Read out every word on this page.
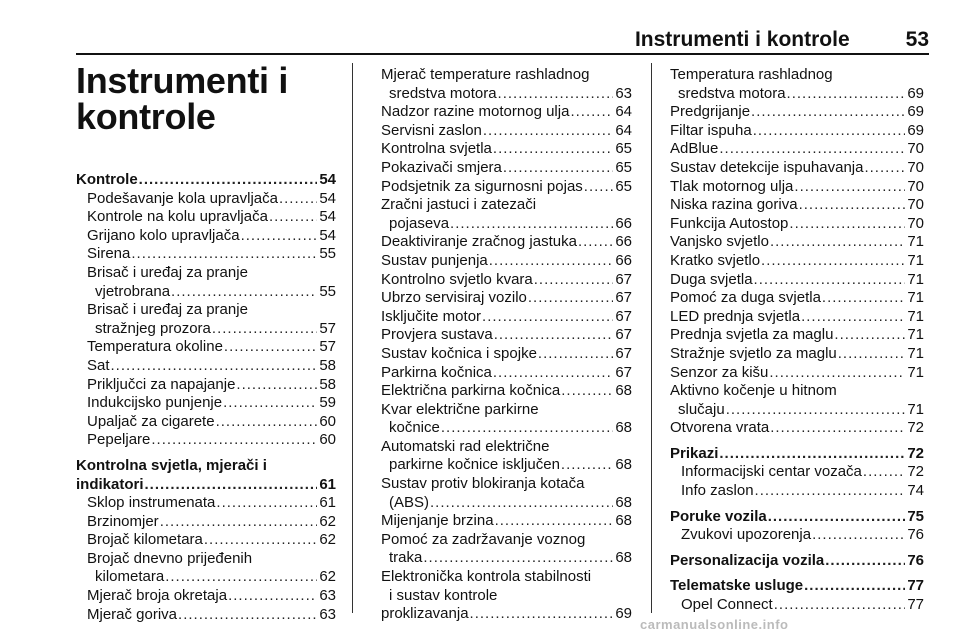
Instrumenti i kontrole	53
Instrumenti i
kontrole
Kontrole .....	54
Podešavanje kola upravljača .....	54
Kontrole na kolu upravljača .....	54
Grijano kolo upravljača .....	54
Sirena .....	55
Brisač i uređaj za pranje
vjetrobrana .....	55
Brisač i uređaj za pranje
stražnjeg prozora .....	57
Temperatura okoline .....	57
Sat .....	58
Priključci za napajanje .....	58
Indukcijsko punjenje .....	59
Upaljač za cigarete .....	60
Pepeljare .....	60
Kontrolna svjetla, mjerači i
indikatori .....	61
Sklop instrumenata .....	61
Brzinomjer .....	62
Brojač kilometara .....	62
Brojač dnevno prijeđenih
kilometara .....	62
Mjerač broja okretaja .....	63
Mjerač goriva .....	63
Mjerač temperature rashladnog
sredstva motora .....	63
Nadzor razine motornog ulja .....	64
Servisni zaslon .....	64
Kontrolna svjetla .....	65
Pokazivači smjera .....	65
Podsjetnik za sigurnosni pojas ..... 65
Zračni jastuci i zatezači
pojaseva .....	66
Deaktiviranje zračnog jastuka .....	66
Sustav punjenja .....	66
Kontrolno svjetlo kvara .....	67
Ubrzo servisiraj vozilo .....	67
Isključite motor .....	67
Provjera sustava .....	67
Sustav kočnica i spojke .....	67
Parkirna kočnica .....	67
Električna parkirna kočnica .....	68
Kvar električne parkirne
kočnice .....	68
Automatski rad električne
parkirne kočnice isključen .....	68
Sustav protiv blokiranja kotača
(ABS) .....	68
Mijenjanje brzina .....	68
Pomoć za zadržavanje voznog
traka .....	68
Elektronička kontrola stabilnosti
i sustav kontrole
proklizavanja .....	69
Temperatura rashladnog
sredstva motora .....	69
Predgrijanje .....	69
Filtar ispuha .....	69
AdBlue .....	70
Sustav detekcije ispuhavanja .....	70
Tlak motornog ulja .....	70
Niska razina goriva .....	70
Funkcija Autostop .....	70
Vanjsko svjetlo .....	71
Kratko svjetlo .....	71
Duga svjetla .....	71
Pomoć za duga svjetla .....	71
LED prednja svjetla .....	71
Prednja svjetla za maglu .....	71
Stražnje svjetlo za maglu .....	71
Senzor za kišu .....	71
Aktivno kočenje u hitnom
slučaju .....	71
Otvorena vrata .....	72
Prikazi .....	72
Informacijski centar vozača .....	72
Info zaslon .....	74
Poruke vozila .....	75
Zvukovi upozorenja .....	76
Personalizacija vozila .....	76
Telematske usluge .....	77
Opel Connect .....	77
carmanualsonline.info
